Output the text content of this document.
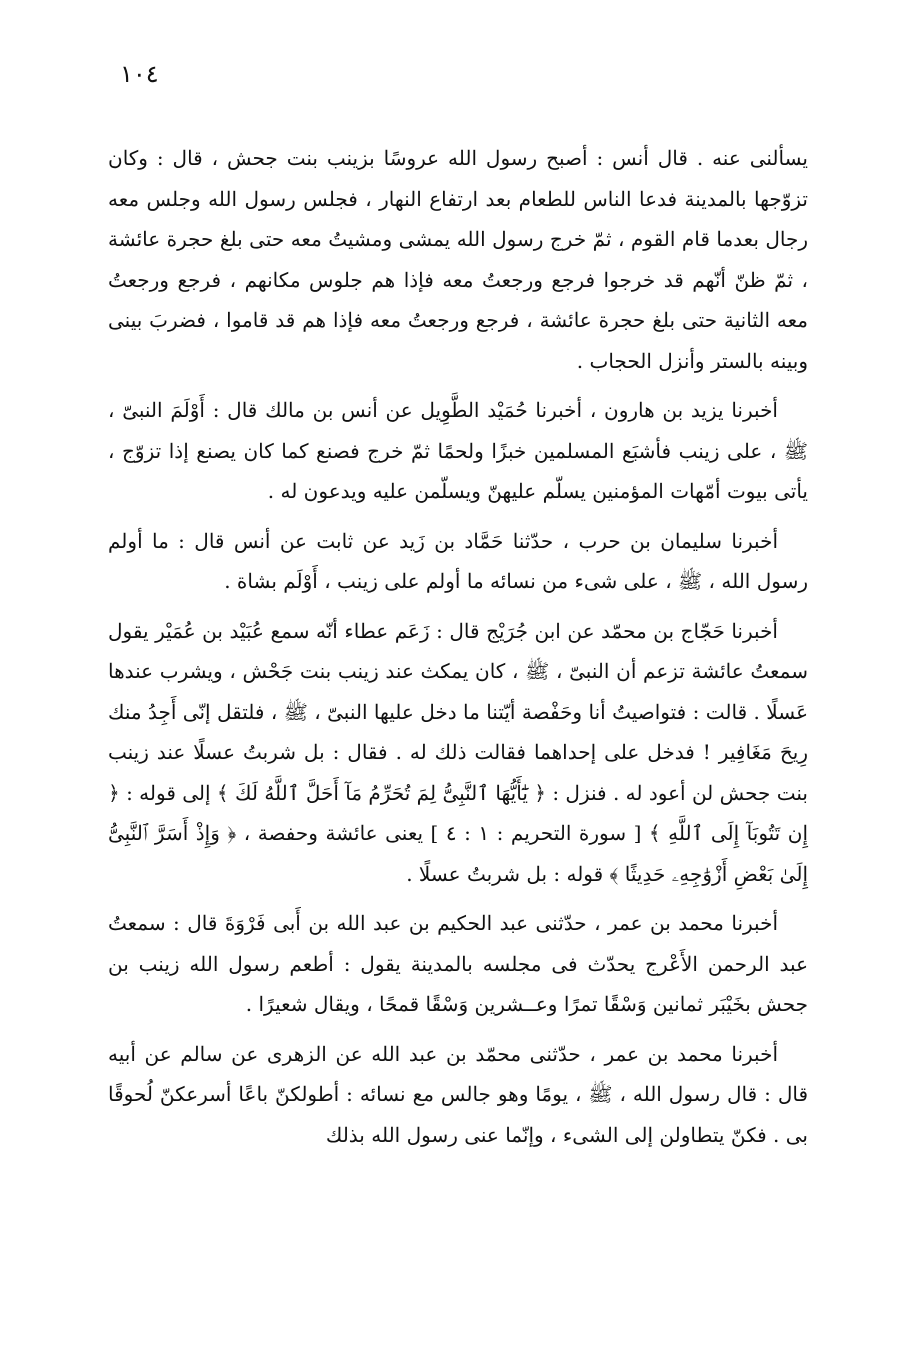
١٠٤

يسألنى عنه . قال أنس : أصبح رسول الله عروسًا بزينب بنت جحش ، قال : وكان تزوّجها بالمدينة فدعا الناس للطعام بعد ارتفاع النهار ، فجلس رسول الله وجلس معه رجال بعدما قام القوم ، ثمّ خرج رسول الله يمشى ومشيتُ معه حتى بلغ حجرة عائشة ، ثمّ ظنّ أنّهم قد خرجوا فرجع ورجعتُ معه فإذا هم جلوس مكانهم ، فرجع ورجعتُ معه الثانية حتى بلغ حجرة عائشة ، فرجع ورجعتُ معه فإذا هم قد قاموا ، فضربَ بينى وبينه بالستر وأنزل الحجاب .

أخبرنا يزيد بن هارون ، أخبرنا حُمَيْد الطَّوِيل عن أنس بن مالك قال : أَوْلَمَ النبىّ ، ﷺ ، على زينب فأشبَع المسلمين خبزًا ولحمًا ثمّ خرج فصنع كما كان يصنع إذا تزوّج ، يأتى بيوت أمّهات المؤمنين يسلّم عليهنّ ويسلّمن عليه ويدعون له .

أخبرنا سليمان بن حرب ، حدّثنا حَمَّاد بن زَيد عن ثابت عن أنس قال : ما أولم رسول الله ، ﷺ ، على شىء من نسائه ما أولم على زينب ، أَوْلَم بشاة .

أخبرنا حَجّاج بن محمّد عن ابن جُرَيْج قال : زَعَم عطاء أنّه سمع عُبَيْد بن عُمَيْر يقول سمعتُ عائشة تزعم أن النبىّ ، ﷺ ، كان يمكث عند زينب بنت جَحْش ، ويشرب عندها عَسلًا . قالت : فتواصيتُ أنا وحَفْصة أيّتنا ما دخل عليها النبىّ ، ﷺ ، فلتقل إنّى أَجِدُ منك رِيحَ مَغَافِير ! فدخل على إحداهما فقالت ذلك له . فقال : بل شربتُ عسلًا عند زينب بنت جحش لن أعود له . فنزل : ﴿ يَٰٓأَيُّهَا ٱلنَّبِىُّ لِمَ تُحَرِّمُ مَآ أَحَلَّ ٱللَّهُ لَكَ ﴾ إلى قوله : ﴿ إِن تَتُوبَآ إِلَى ٱللَّهِ ﴾ [ سورة التحريم : ١ : ٤ ] يعنى عائشة وحفصة ، ﴿ وَإِذْ أَسَرَّ ٱلنَّبِىُّ إِلَىٰ بَعْضِ أَزْوَٰجِهِۦ حَدِيثًا ﴾ قوله : بل شربتُ عسلًا .

أخبرنا محمد بن عمر ، حدّثنى عبد الحكيم بن عبد الله بن أَبى فَرْوَةَ قال : سمعتُ عبد الرحمن الأَعْرج يحدّث فى مجلسه بالمدينة يقول : أطعم رسول الله زينب بن جحش بخَيْبَر ثمانين وَسْقًا تمرًا وعــشرين وَسْقًا قمحًا ، ويقال شعيرًا .

أخبرنا محمد بن عمر ، حدّثنى محمّد بن عبد الله عن الزهرى عن سالم عن أبيه قال : قال رسول الله ، ﷺ ، يومًا وهو جالس مع نسائه : أطولكنّ باعًا أسرعكنّ لُحوقًا بى . فكنّ يتطاولن إلى الشىء ، وإنّما عنى رسول الله بذلك
